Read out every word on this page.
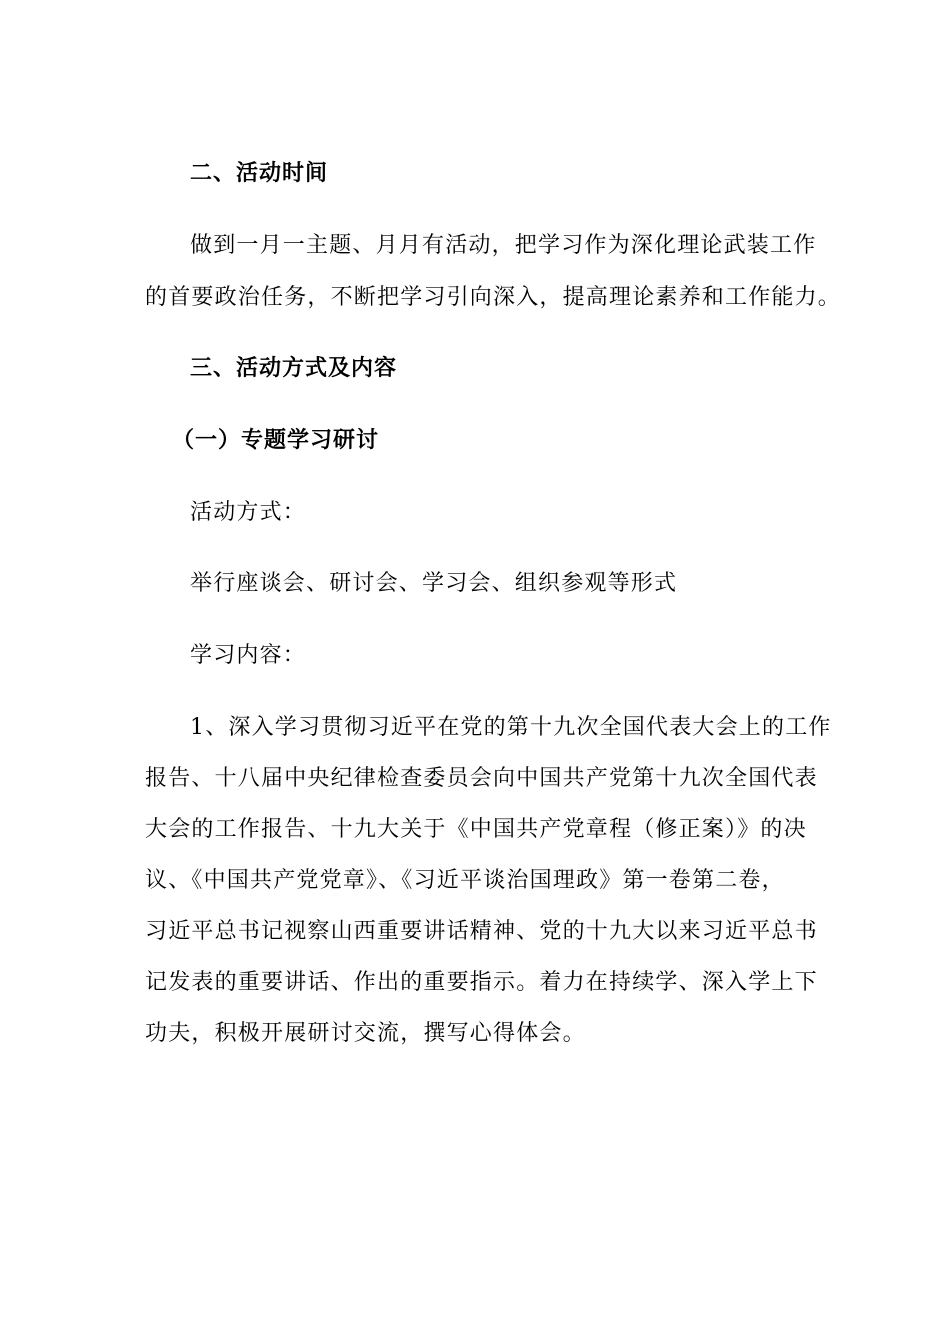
二、活动时间
做到一月一主题、月月有活动，把学习作为深化理论武装工作
的首要政治任务，不断把学习引向深入，提高理论素养和工作能力。
三、活动方式及内容
（一）专题学习研讨
活动方式：
举行座谈会、研讨会、学习会、组织参观等形式
学习内容：
1、深入学习贯彻习近平在党的第十九次全国代表大会上的工作
报告、十八届中央纪律检查委员会向中国共产党第十九次全国代表
大会的工作报告、十九大关于《中国共产党章程（修正案）》的决
议、《中国共产党党章》、《习近平谈治国理政》第一卷第二卷，
习近平总书记视察山西重要讲话精神、党的十九大以来习近平总书
记发表的重要讲话、作出的重要指示。着力在持续学、深入学上下
功夫，积极开展研讨交流，撰写心得体会。
